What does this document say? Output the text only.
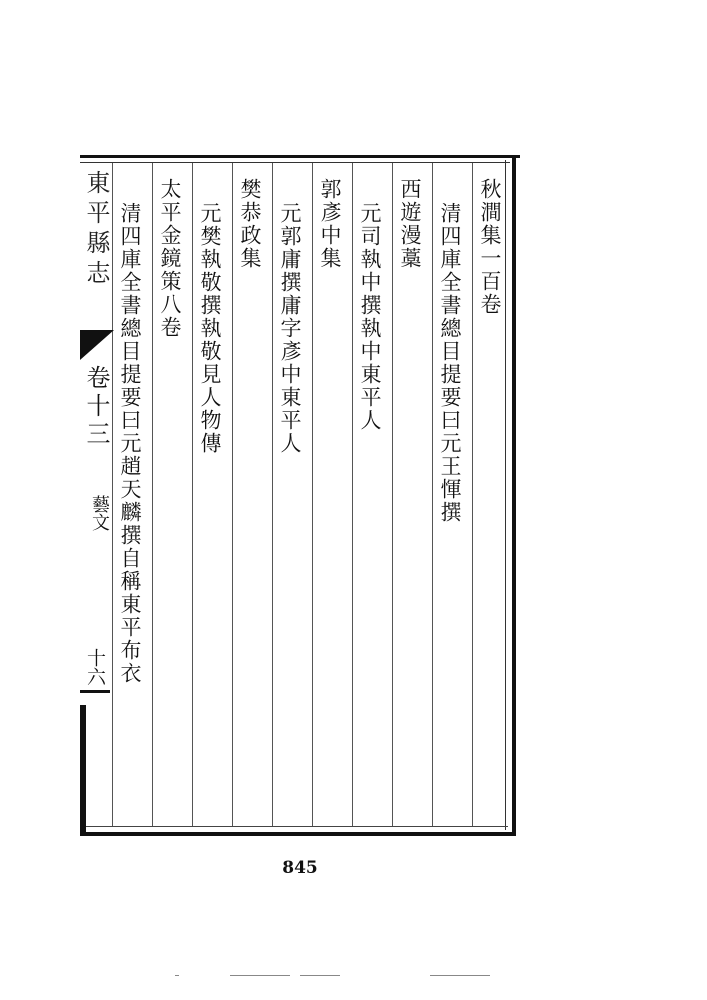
秋澗集一百卷
清四庫全書總目提要曰元王惲撰
西遊漫藁
元司執中撰執中東平人
郭彥中集
元郭庸撰庸字彥中東平人
樊恭政集
元樊執敬撰執敬見人物傳
太平金鏡策八卷
清四庫全書總目提要曰元趙天麟撰自稱東平布衣
東平縣志
卷十三
藝文
十六
845
